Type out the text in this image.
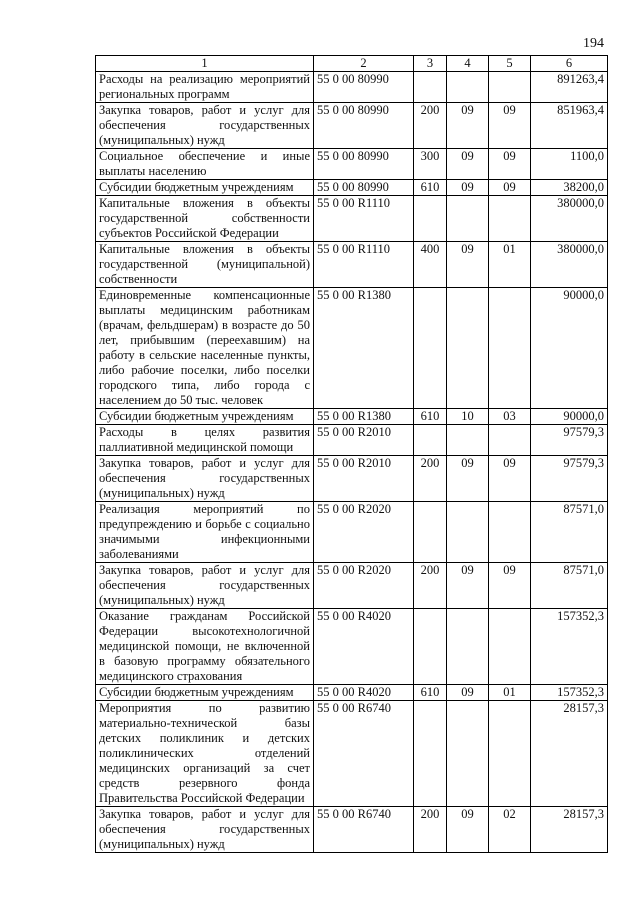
194
1	2	3	4	5	6
Расходы на реализацию мероприятий региональных программ	55 0 00 80990				891263,4
Закупка товаров, работ и услуг для обеспечения государственных (муниципальных) нужд	55 0 00 80990	200	09	09	851963,4
Социальное обеспечение и иные выплаты населению	55 0 00 80990	300	09	09	1100,0
Субсидии бюджетным учреждениям	55 0 00 80990	610	09	09	38200,0
Капитальные вложения в объекты государственной собственности субъектов Российской Федерации	55 0 00 R1110				380000,0
Капитальные вложения в объекты государственной (муниципальной) собственности	55 0 00 R1110	400	09	01	380000,0
Единовременные компенсационные выплаты медицинским работникам (врачам, фельдшерам) в возрасте до 50 лет, прибывшим (переехавшим) на работу в сельские населенные пункты, либо рабочие поселки, либо поселки городского типа, либо города с населением до 50 тыс. человек	55 0 00 R1380				90000,0
Субсидии бюджетным учреждениям	55 0 00 R1380	610	10	03	90000,0
Расходы в целях развития паллиативной медицинской помощи	55 0 00 R2010				97579,3
Закупка товаров, работ и услуг для обеспечения государственных (муниципальных) нужд	55 0 00 R2010	200	09	09	97579,3
Реализация мероприятий по предупреждению и борьбе с социально значимыми инфекционными заболеваниями	55 0 00 R2020				87571,0
Закупка товаров, работ и услуг для обеспечения государственных (муниципальных) нужд	55 0 00 R2020	200	09	09	87571,0
Оказание гражданам Российской Федерации высокотехнологичной медицинской помощи, не включенной в базовую программу обязательного медицинского страхования	55 0 00 R4020				157352,3
Субсидии бюджетным учреждениям	55 0 00 R4020	610	09	01	157352,3
Мероприятия по развитию материально-технической базы детских поликлиник и детских поликлинических отделений медицинских организаций за счет средств резервного фонда Правительства Российской Федерации	55 0 00 R6740				28157,3
Закупка товаров, работ и услуг для обеспечения государственных (муниципальных) нужд	55 0 00 R6740	200	09	02	28157,3
